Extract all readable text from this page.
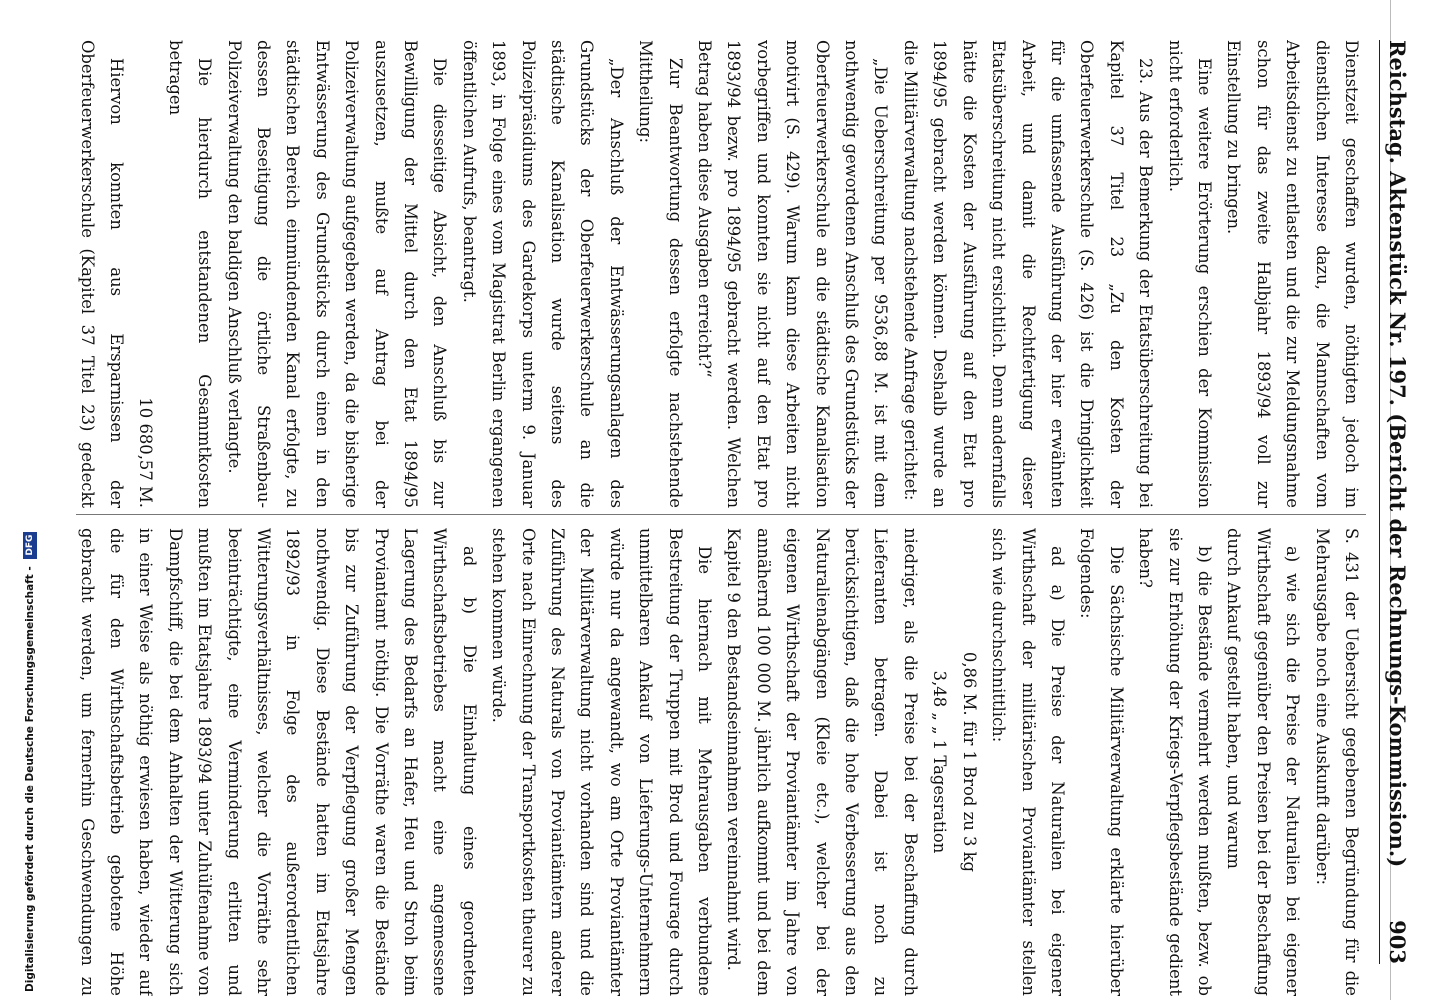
Digitalisierung gefördert durch die Deutsche Forschungsgemeinschaft - DFG	Reichstag. Aktenstück Nr. 197. (Bericht der Rechnungs-Kommission.)
903

Dienstzeit geschaffen wurden, nöthigten jedoch im dienstlichen Interesse dazu, die Mannschaften vom Arbeitsdienst zu entlasten und die zur Meldungsnahme schon für das zweite Halbjahr 1893/94 voll zur Einstellung zu bringen.

Eine weitere Erörterung erschien der Kommission nicht erforderlich.

23. Aus der Bemerkung der Etatsüberschreitung bei Kapitel 37 Titel 23 „Zu den Kosten der Oberfeuerwerkerschule (S. 426) ist die Dringlichkeit für die umfassende Ausführung der hier erwähnten Arbeit, und damit die Rechtfertigung dieser Etatsüberschreitung nicht ersichtlich. Denn andernfalls hätte die Kosten der Ausführung auf den Etat pro 1894/95 gebracht werden können. Deshalb wurde an die Militärverwaltung nachstehende Anfrage gerichtet:

„Die Ueberschreitung per 9536,88 M. ist mit dem nothwendig gewordenen Anschluß des Grundstücks der Oberfeuerwerkerschule an die städtische Kanalisation motivirt (S. 429). Warum kann diese Arbeiten nicht vorbegriffen und konnten sie nicht auf den Etat pro 1893/94 bezw. pro 1894/95 gebracht werden. Welchen Betrag haben diese Ausgaben erreicht?“

Zur Beantwortung dessen erfolgte nachstehende Mittheilung:

„Der Anschluß der Entwässerungsanlagen des Grundstücks der Oberfeuerwerkerschule an die städtische Kanalisation wurde seitens des Polizeipräsidiums des Gardekorps unterm 9. Januar 1893, in Folge eines vom Magistrat Berlin ergangenen öffentlichen Aufrufs, beantragt.

Die diesseitige Absicht, den Anschluß bis zur Bewilligung der Mittel durch den Etat 1894/95 auszusetzen, mußte auf Antrag bei der Polizeiverwaltung aufgegeben werden, da die bisherige Entwässerung des Grundstücks durch einen in den städtischen Bereich einmündenden Kanal erfolgte, zu dessen Beseitigung die örtliche Straßenbau-Polizeiverwaltung den baldigen Anschluß verlangte.

Die hierdurch entstandenen Gesammtkosten betragen

10 680,57 M.

Hiervon konnten aus Ersparnissen der Oberfeuerwerkerschule (Kapitel 37 Titel 23) gedeckt

S. 431 der Uebersicht gegebenen Begründung für die Mehrausgabe noch eine Auskunft darüber:

a) wie sich die Preise der Naturalien bei eigener Wirthschaft gegenüber den Preisen bei der Beschaffung durch Ankauf gestellt haben, und warum

b) die Bestände vermehrt werden mußten, bezw. ob sie zur Erhöhung der Kriegs-Verpflegsbestände gedient haben?

Die Sächsische Militärverwaltung erklärte hierüber Folgendes:

ad a) Die Preise der Naturalien bei eigener Wirthschaft der militärischen Proviantämter stellen sich wie durchschnittlich:

0,86 M. für 1 Brod zu 3 kg

3,48 „ „ 1 Tagesration

niedriger, als die Preise bei der Beschaffung durch Lieferanten betragen. Dabei ist noch zu berücksichtigen, daß die hohe Verbesserung aus den Naturalienabgängen (Kleie etc.), welcher bei der eigenen Wirthschaft der Proviantämter im Jahre von annähernd 100 000 M. jährlich aufkommt und bei dem Kapitel 9 den Bestandseinnahmen vereinnahmt wird.

Die hiernach mit Mehrausgaben verbundene Bestreitung der Truppen mit Brod und Fourage durch unmittelbaren Ankauf von Lieferungs-Unternehmern würde nur da angewandt, wo am Orte Proviantämter der Militärverwaltung nicht vorhanden sind und die Zuführung des Naturals von Proviantämtern anderer Orte nach Einrechnung der Transportkosten theurer zu stehen kommen würde.

ad b) Die Einhaltung eines geordneten Wirthschaftsbetriebes macht eine angemessene Lagerung des Bedarfs an Hafer, Heu und Stroh beim Proviantamt nöthig. Die Vorräthe waren die Bestände bis zur Zuführung der Verpflegung großer Mengen nothwendig. Diese Bestände hatten im Etatsjahre 1892/93 in Folge des außerordentlichen Witterungsverhältnisses, welcher die Vorräthe sehr beeinträchtigte, eine Verminderung erlitten und mußten im Etatsjahre 1893/94 unter Zuhülfenahme von Dampfschiff, die bei dem Anhalten der Witterung sich in einer Weise als nöthig erwiesen haben, wieder auf die für den Wirthschaftsbetrieb gebotene Höhe gebracht werden, um fernerhin Geschwendungen zu
